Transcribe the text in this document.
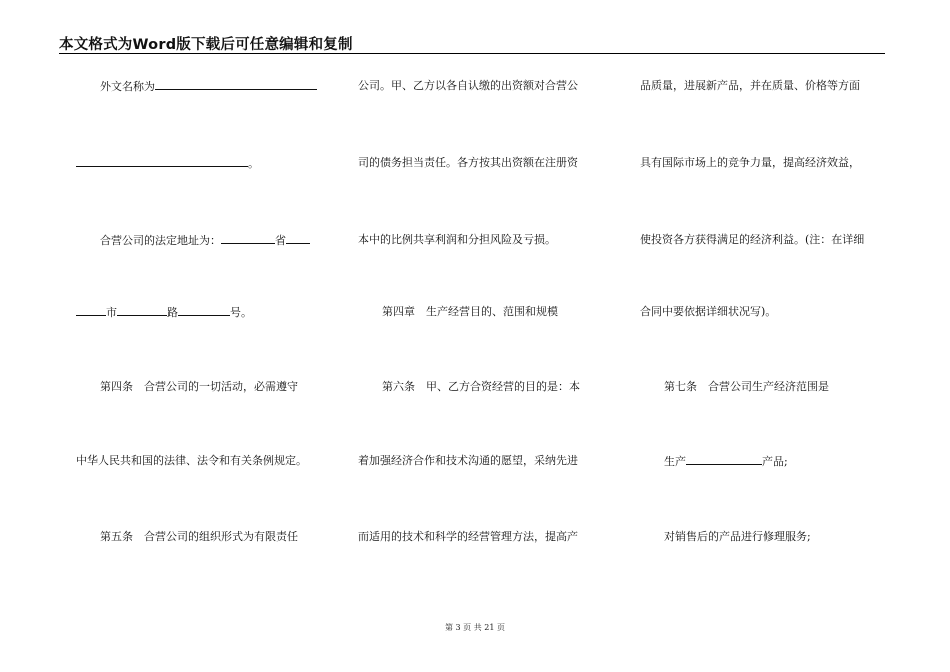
本文格式为Word版下载后可任意编辑和复制
外文名称为
。
合营公司的法定地址为：	省
市	路	号。
第四条　合营公司的一切活动，必需遵守
中华人民共和国的法律、法令和有关条例规定。
第五条　合营公司的组织形式为有限责任
公司。甲、乙方以各自认缴的出资额对合营公
司的债务担当责任。各方按其出资额在注册资
本中的比例共享利润和分担风险及亏损。
第四章　生产经营目的、范围和规模
第六条　甲、乙方合资经营的目的是：本
着加强经济合作和技术沟通的愿望，采纳先进
而适用的技术和科学的经营管理方法，提高产
品质量，进展新产品，并在质量、价格等方面
具有国际市场上的竞争力量，提高经济效益，
使投资各方获得满足的经济利益。(注：在详细
合同中要依据详细状况写)。
第七条　合营公司生产经济范围是
生产	产品;
对销售后的产品进行修理服务;
第 3 页 共 21 页
